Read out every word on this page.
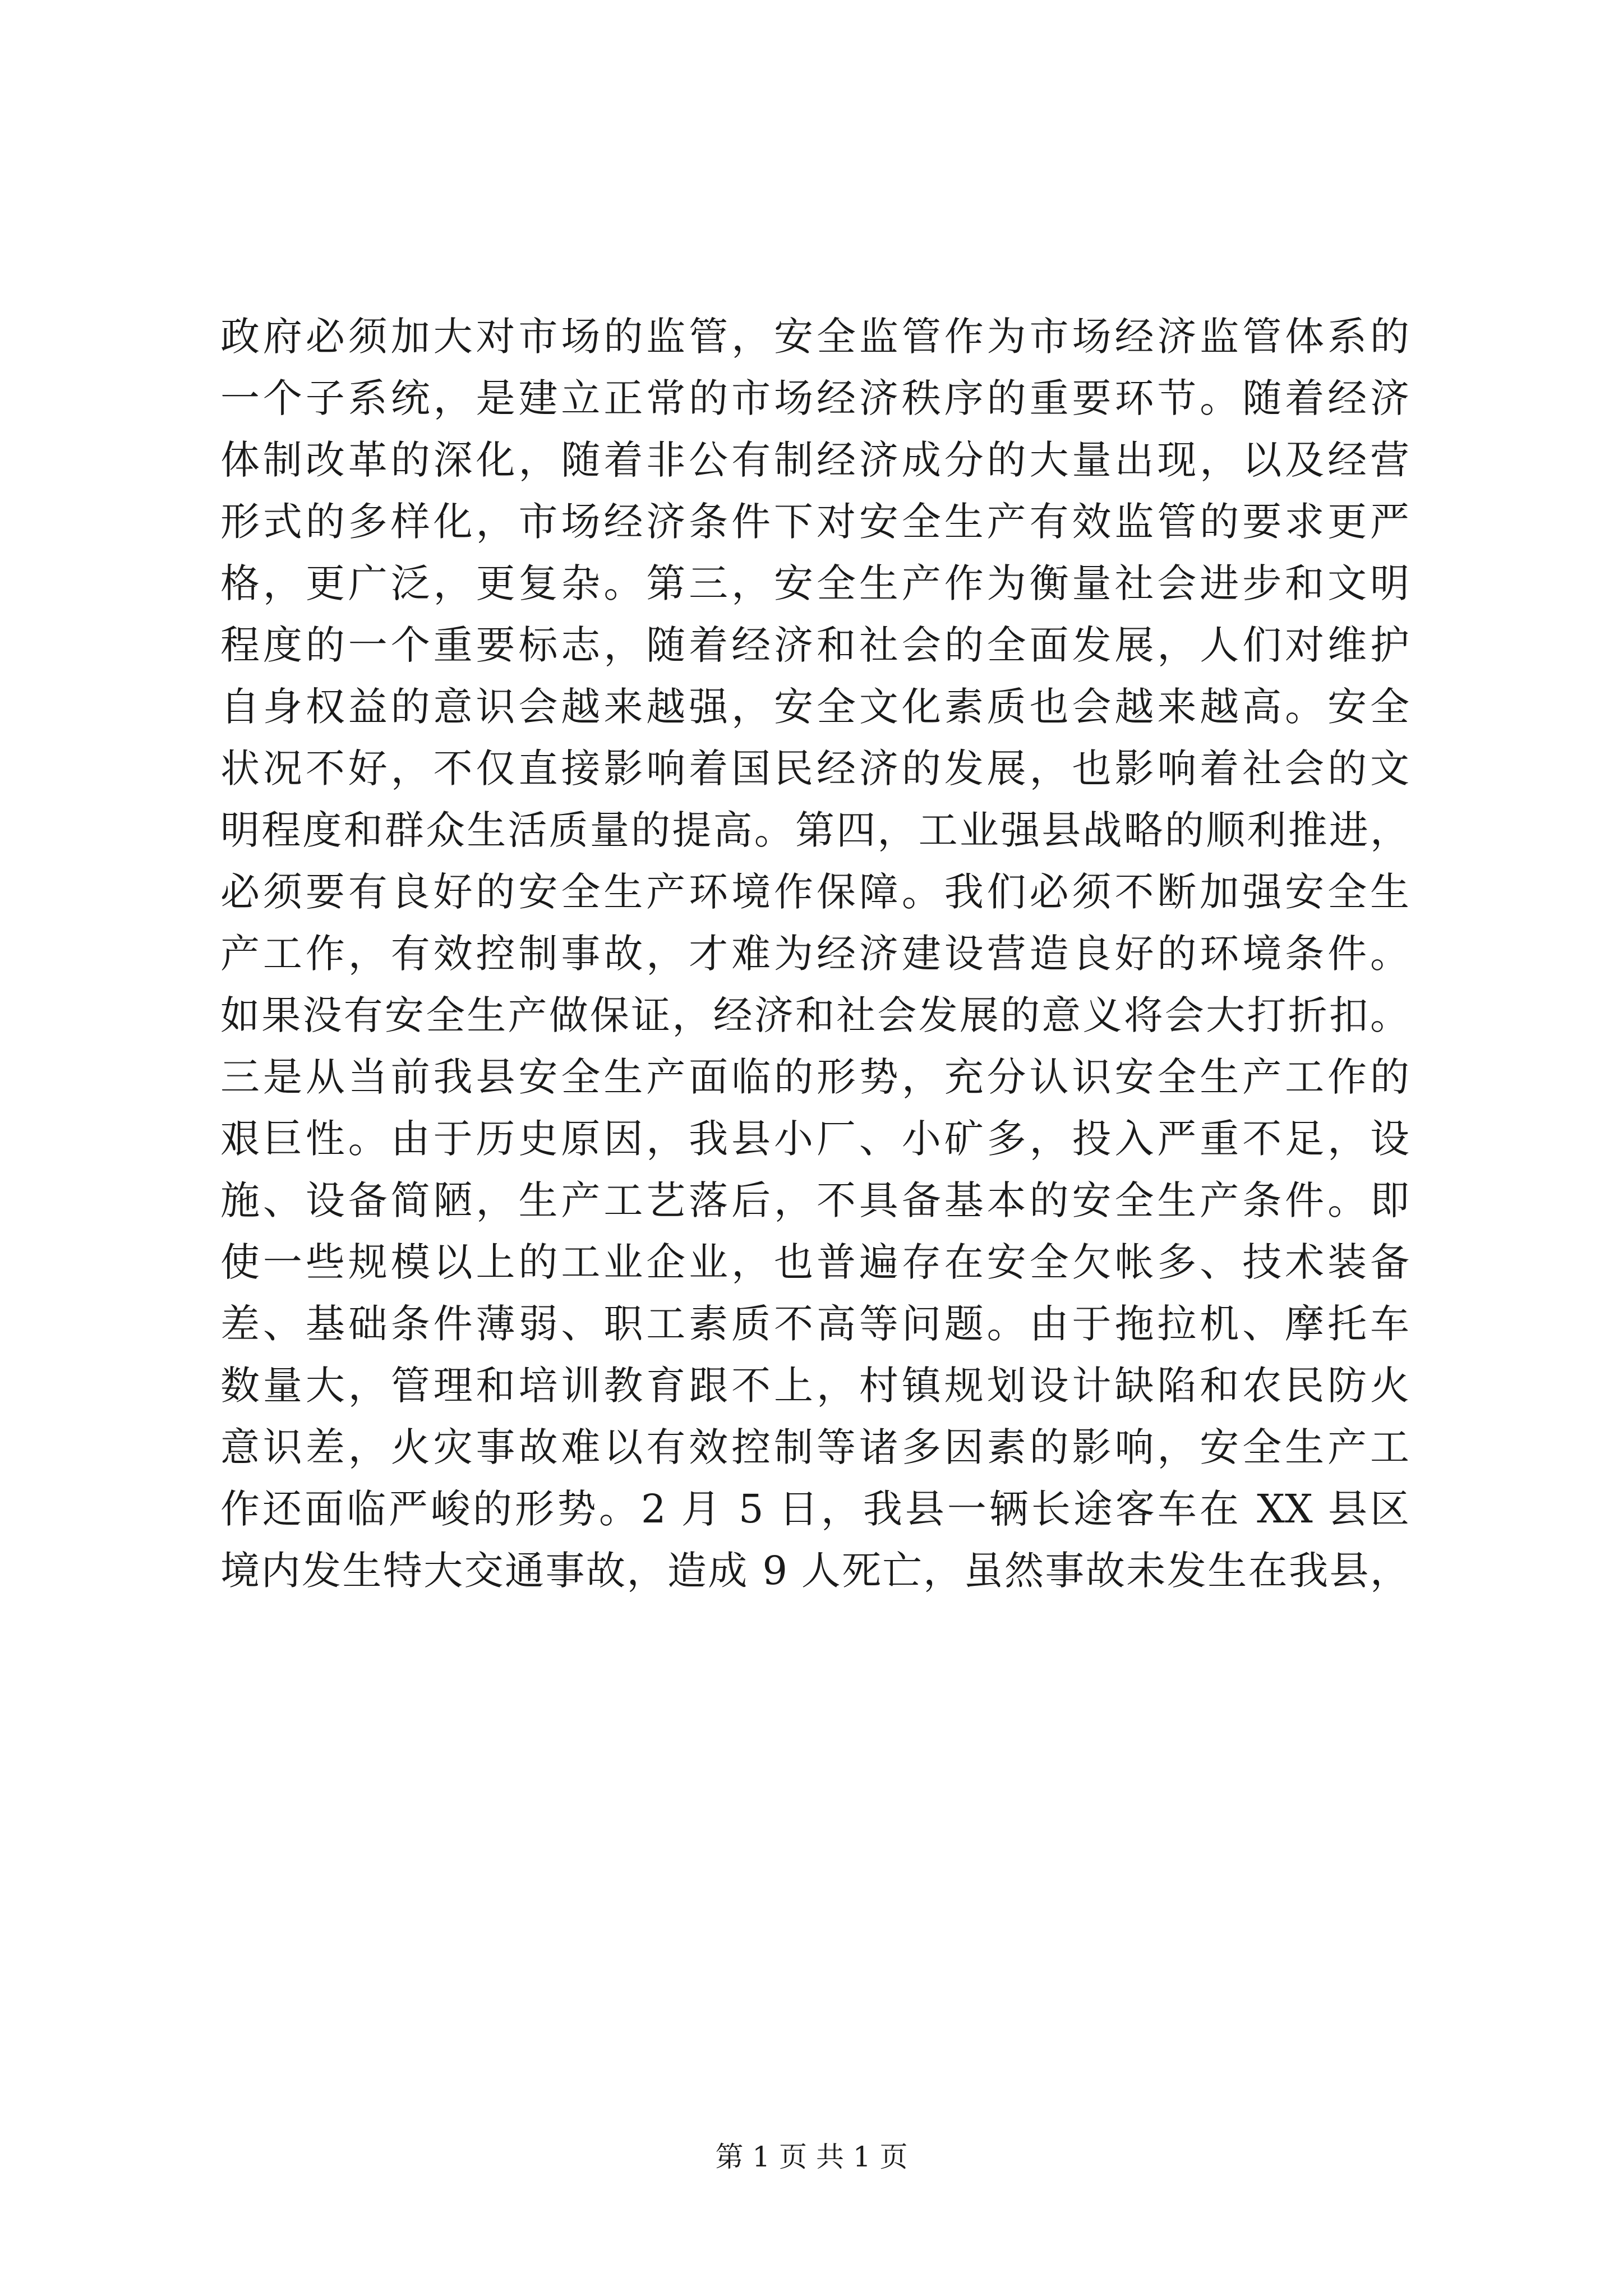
政府必须加大对市场的监管，安全监管作为市场经济监管体系的
一个子系统，是建立正常的市场经济秩序的重要环节。随着经济
体制改革的深化，随着非公有制经济成分的大量出现，以及经营
形式的多样化，市场经济条件下对安全生产有效监管的要求更严
格，更广泛，更复杂。第三，安全生产作为衡量社会进步和文明
程度的一个重要标志，随着经济和社会的全面发展，人们对维护
自身权益的意识会越来越强，安全文化素质也会越来越高。安全
状况不好，不仅直接影响着国民经济的发展，也影响着社会的文
明程度和群众生活质量的提高。第四，工业强县战略的顺利推进，
必须要有良好的安全生产环境作保障。我们必须不断加强安全生
产工作，有效控制事故，才难为经济建设营造良好的环境条件。
如果没有安全生产做保证，经济和社会发展的意义将会大打折扣。
三是从当前我县安全生产面临的形势，充分认识安全生产工作的
艰巨性。由于历史原因，我县小厂、小矿多，投入严重不足，设
施、设备简陋，生产工艺落后，不具备基本的安全生产条件。即
使一些规模以上的工业企业，也普遍存在安全欠帐多、技术装备
差、基础条件薄弱、职工素质不高等问题。由于拖拉机、摩托车
数量大，管理和培训教育跟不上，村镇规划设计缺陷和农民防火
意识差，火灾事故难以有效控制等诸多因素的影响，安全生产工
作还面临严峻的形势。2 月 5 日，我县一辆长途客车在 XX 县区
境内发生特大交通事故，造成 9 人死亡，虽然事故未发生在我县，
第 1 页 共 1 页
